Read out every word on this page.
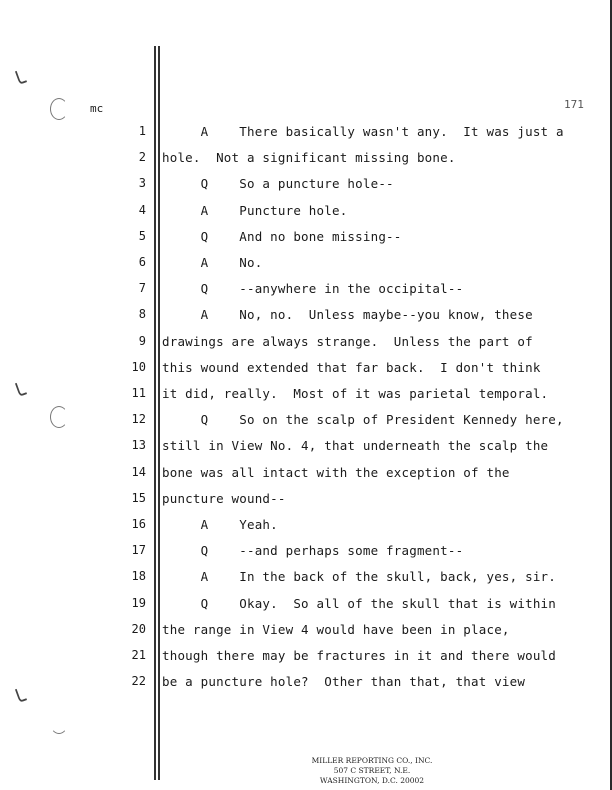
╰
╰
╰
mc	171
1 A    There basically wasn't any.  It was just a
2 hole.  Not a significant missing bone.
3 Q    So a puncture hole--
4 A    Puncture hole.
5 Q    And no bone missing--
6 A    No.
7 Q    --anywhere in the occipital--
8 A    No, no.  Unless maybe--you know, these
9 drawings are always strange.  Unless the part of
10 this wound extended that far back.  I don't think
11 it did, really.  Most of it was parietal temporal.
12 Q    So on the scalp of President Kennedy here,
13 still in View No. 4, that underneath the scalp the
14 bone was all intact with the exception of the
15 puncture wound--
16 A    Yeah.
17 Q    --and perhaps some fragment--
18 A    In the back of the skull, back, yes, sir.
19 Q    Okay.  So all of the skull that is within
20 the range in View 4 would have been in place,
21 though there may be fractures in it and there would
22 be a puncture hole?  Other than that, that view
MILLER REPORTING CO., INC.
507 C STREET, N.E.
WASHINGTON, D.C. 20002
